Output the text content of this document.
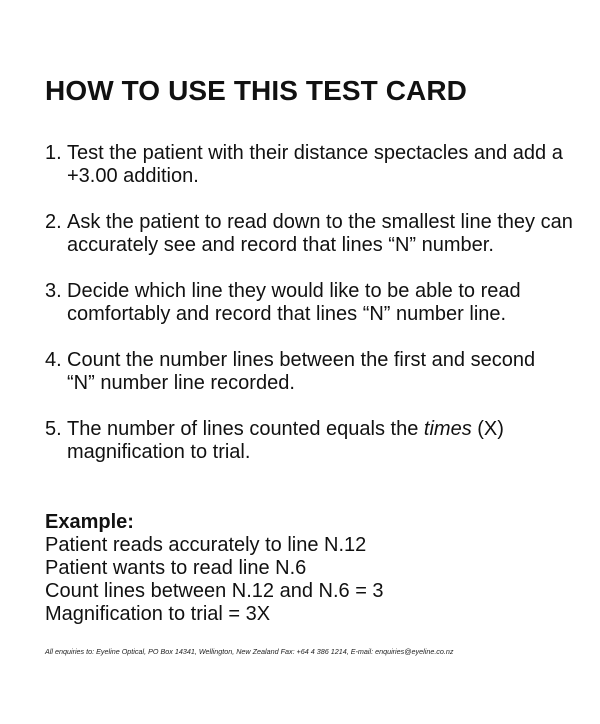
HOW TO USE THIS TEST CARD
1. Test the patient with their distance spectacles and add a
+3.00 addition.
2. Ask the patient to read down to the smallest line they can
accurately see and record that lines “N” number.
3. Decide which line they would like to be able to read
comfortably and record that lines “N” number line.
4. Count the number lines between the first and second
“N” number line recorded.
5. The number of lines counted equals the times (X)
magnification to trial.
Example:
Patient reads accurately to line N.12
Patient wants to read line N.6
Count lines between N.12 and N.6 = 3
Magnification to trial = 3X
All enquiries to: Eyeline Optical, PO Box 14341, Wellington, New Zealand Fax: +64 4 386 1214, E-mail: enquiries@eyeline.co.nz
